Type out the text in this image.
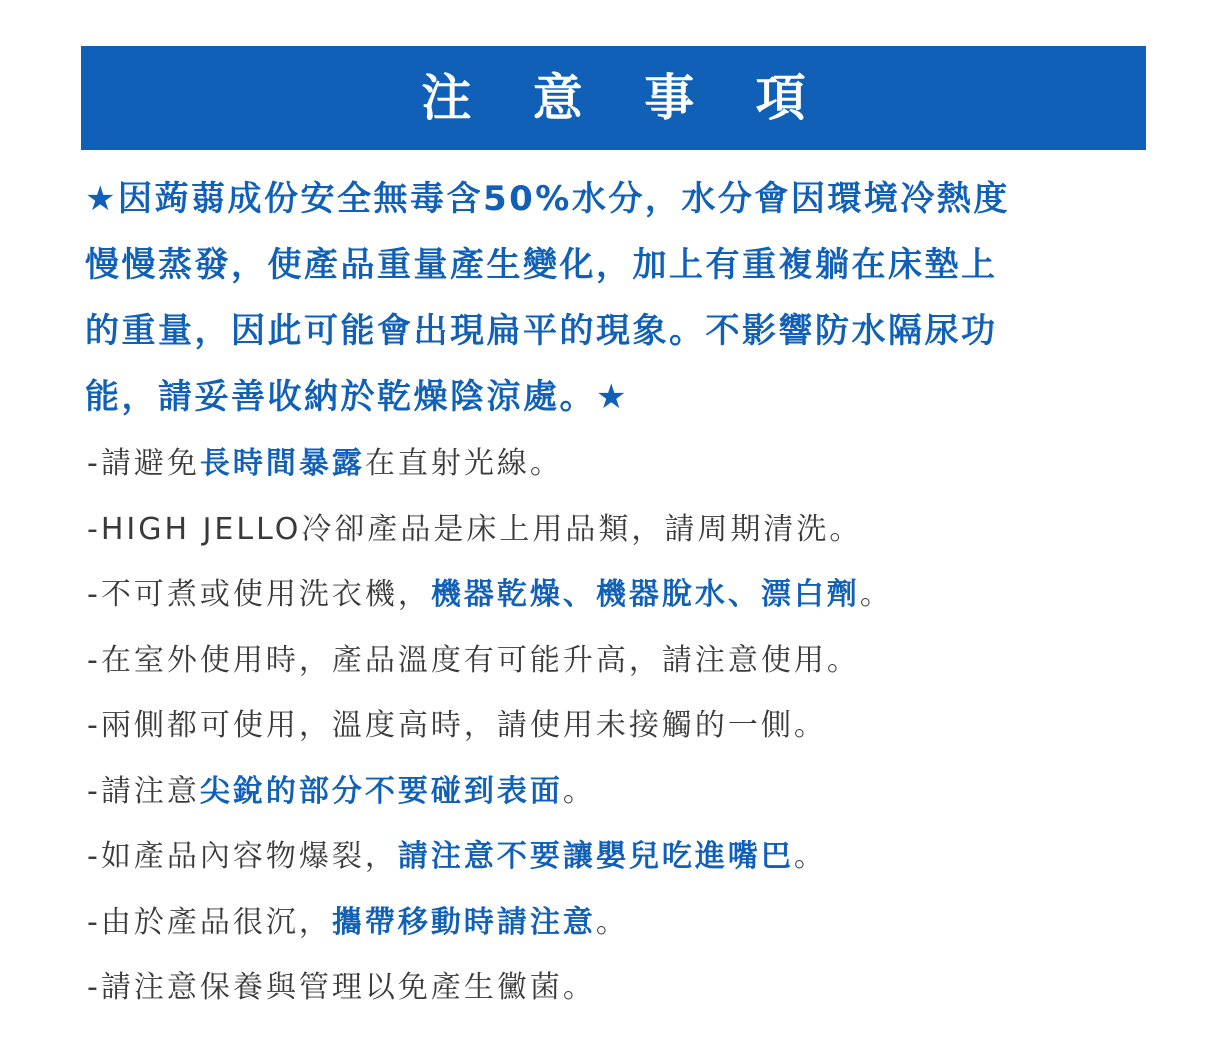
注 意 事 項
★因蒟蒻成份安全無毒含50%水分，水分會因環境冷熱度
慢慢蒸發，使產品重量產生變化，加上有重複躺在床墊上
的重量，因此可能會出現扁平的現象。不影響防水隔尿功
能，請妥善收納於乾燥陰涼處。★
-請避免長時間暴露在直射光線。
-HIGH JELLO冷卻產品是床上用品類，請周期清洗。
-不可煮或使用洗衣機，機器乾燥、機器脫水、漂白劑。
-在室外使用時，產品溫度有可能升高，請注意使用。
-兩側都可使用，溫度高時，請使用未接觸的一側。
-請注意尖銳的部分不要碰到表面。
-如產品內容物爆裂，請注意不要讓嬰兒吃進嘴巴。
-由於產品很沉，攜帶移動時請注意。
-請注意保養與管理以免產生黴菌。
